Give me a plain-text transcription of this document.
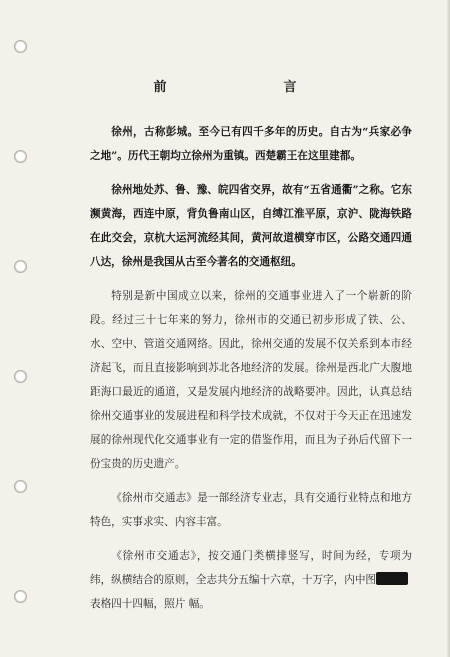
前　言

徐州，古称彭城。至今已有四千多年的历史。自古为“兵家必争之地”。历代王朝均立徐州为重镇。西楚霸王在这里建都。

徐州地处苏、鲁、豫、皖四省交界，故有“五省通衢”之称。它东濒黄海，西连中原，背负鲁南山区，自缚江淮平原，京沪、陇海铁路在此交会，京杭大运河流经其间，黄河故道横穿市区，公路交通四通八达，徐州是我国从古至今著名的交通枢纽。

特别是新中国成立以来，徐州的交通事业进入了一个崭新的阶段。经过三十七年来的努力，徐州市的交通已初步形成了铁、公、水、空中、管道交通网络。因此，徐州交通的发展不仅关系到本市经济起飞，而且直接影响到苏北各地经济的发展。徐州是西北广大腹地距海口最近的通道，又是发展内地经济的战略要冲。因此，认真总结徐州交通事业的发展进程和科学技术成就，不仅对于今天正在迅速发展的徐州现代化交通事业有一定的借鉴作用，而且为子孙后代留下一份宝贵的历史遗产。

《徐州市交通志》是一部经济专业志，具有交通行业特点和地方特色，实事求实、内容丰富。

《徐州市交通志》，按交通门类横排竖写，时间为经，专项为纬，纵横结合的原则，全志共分五编十六章，十万字，内中图

表格四十四幅，照片 幅。
